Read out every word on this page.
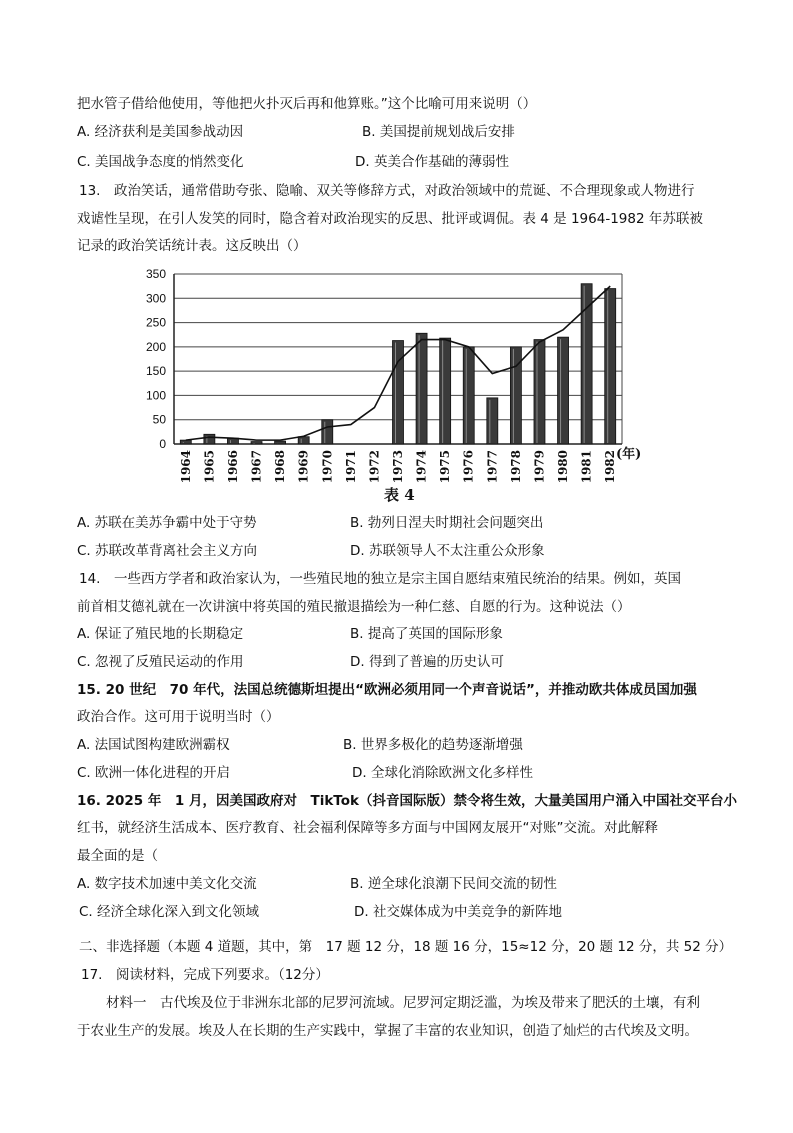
把水管子借给他使用，等他把火扑灭后再和他算账。”这个比喻可用来说明（）
A. 经济获利是美国参战动因	B. 美国提前规划战后安排
C. 美国战争态度的悄然变化	D. 英美合作基础的薄弱性
13.　政治笑话，通常借助夸张、隐喻、双关等修辞方式，对政治领域中的荒诞、不合理现象或人物进行
戏谑性呈现，在引人发笑的同时，隐含着对政治现实的反思、批评或调侃。表 4 是 1964-1982 年苏联被
记录的政治笑话统计表。这反映出（）
0
50
100
150
200
250
300
350
1964 1965 1966 1967 1968 1969 1970 1971 1972 1973 1974 1975 1976 1977 1978 1979 1980 1981 1982
(年)
表 4
A. 苏联在美苏争霸中处于守势	B. 勃列日涅夫时期社会问题突出
C. 苏联改革背离社会主义方向	D. 苏联领导人不太注重公众形象
14.　一些西方学者和政治家认为，一些殖民地的独立是宗主国自愿结束殖民统治的结果。例如，英国
前首相艾德礼就在一次讲演中将英国的殖民撤退描绘为一种仁慈、自愿的行为。这种说法（）
A. 保证了殖民地的长期稳定	B. 提高了英国的国际形象
C. 忽视了反殖民运动的作用	D. 得到了普遍的历史认可
15. 20 世纪　70 年代，法国总统德斯坦提出“欧洲必须用同一个声音说话”，并推动欧共体成员国加强
政治合作。这可用于说明当时（）
A. 法国试图构建欧洲霸权	B. 世界多极化的趋势逐渐增强
C. 欧洲一体化进程的开启	D. 全球化消除欧洲文化多样性
16. 2025 年　1 月，因美国政府对　TikTok（抖音国际版）禁令将生效，大量美国用户涌入中国社交平台小
红书，就经济生活成本、医疗教育、社会福利保障等多方面与中国网友展开“对账”交流。对此解释
最全面的是（
A. 数字技术加速中美文化交流	B. 逆全球化浪潮下民间交流的韧性
C. 经济全球化深入到文化领域	D. 社交媒体成为中美竞争的新阵地
二、非选择题（本题 4 道题，其中，第　17 题 12 分，18 题 16 分，15≈12 分，20 题 12 分，共 52 分）
17.　阅读材料，完成下列要求。（12分）
材料一　古代埃及位于非洲东北部的尼罗河流域。尼罗河定期泛滥，为埃及带来了肥沃的土壤，有利
于农业生产的发展。埃及人在长期的生产实践中，掌握了丰富的农业知识，创造了灿烂的古代埃及文明。
